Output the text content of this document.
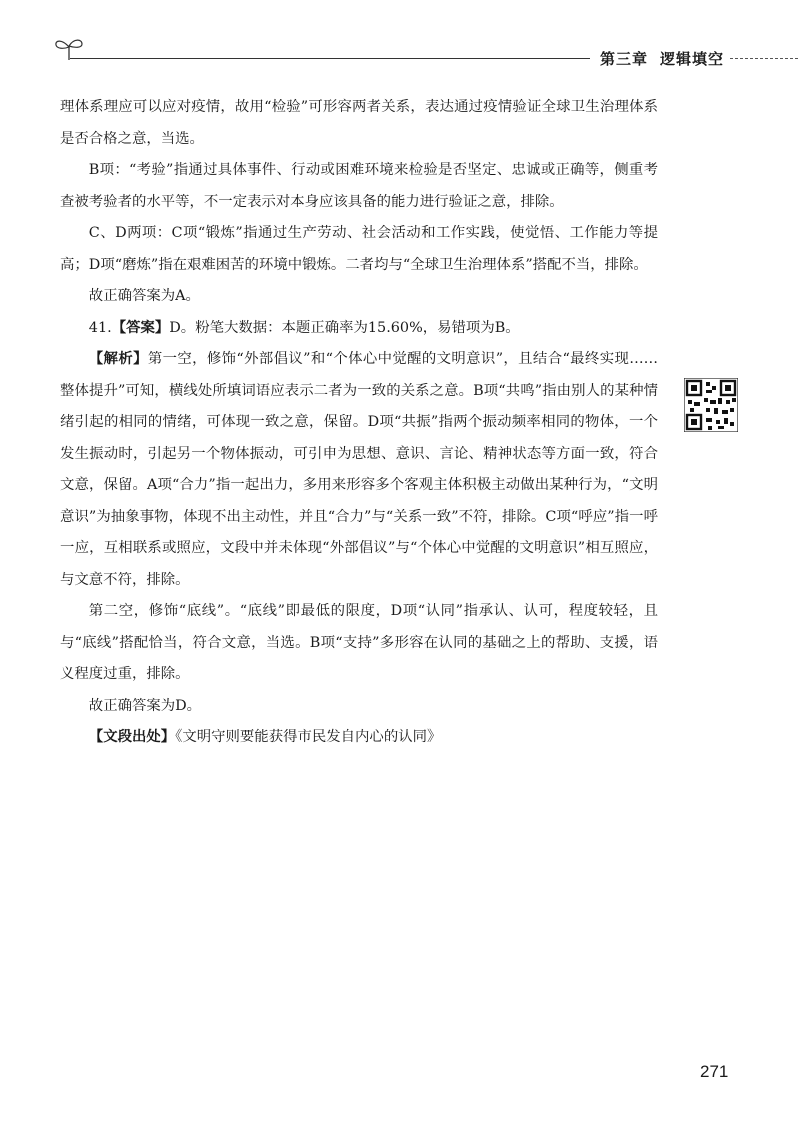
第三章 逻辑填空

理体系理应可以应对疫情，故用“检验”可形容两者关系，表达通过疫情验证全球卫生治理体系是否合格之意，当选。

B项：“考验”指通过具体事件、行动或困难环境来检验是否坚定、忠诚或正确等，侧重考查被考验者的水平等，不一定表示对本身应该具备的能力进行验证之意，排除。

C、D两项：C项“锻炼”指通过生产劳动、社会活动和工作实践，使觉悟、工作能力等提高；D项“磨炼”指在艰难困苦的环境中锻炼。二者均与“全球卫生治理体系”搭配不当，排除。

故正确答案为A。

41.【答案】D。粉笔大数据：本题正确率为15.60%，易错项为B。

【解析】第一空，修饰“外部倡议”和“个体心中觉醒的文明意识”，且结合“最终实现……整体提升”可知，横线处所填词语应表示二者为一致的关系之意。B项“共鸣”指由别人的某种情绪引起的相同的情绪，可体现一致之意，保留。D项“共振”指两个振动频率相同的物体，一个发生振动时，引起另一个物体振动，可引申为思想、意识、言论、精神状态等方面一致，符合文意，保留。A项“合力”指一起出力，多用来形容多个客观主体积极主动做出某种行为，“文明意识”为抽象事物，体现不出主动性，并且“合力”与“关系一致”不符，排除。C项“呼应”指一呼一应，互相联系或照应，文段中并未体现“外部倡议”与“个体心中觉醒的文明意识”相互照应，与文意不符，排除。

第二空，修饰“底线”。“底线”即最低的限度，D项“认同”指承认、认可，程度较轻，且与“底线”搭配恰当，符合文意，当选。B项“支持”多形容在认同的基础之上的帮助、支援，语义程度过重，排除。

故正确答案为D。

【文段出处】《文明守则要能获得市民发自内心的认同》

271
